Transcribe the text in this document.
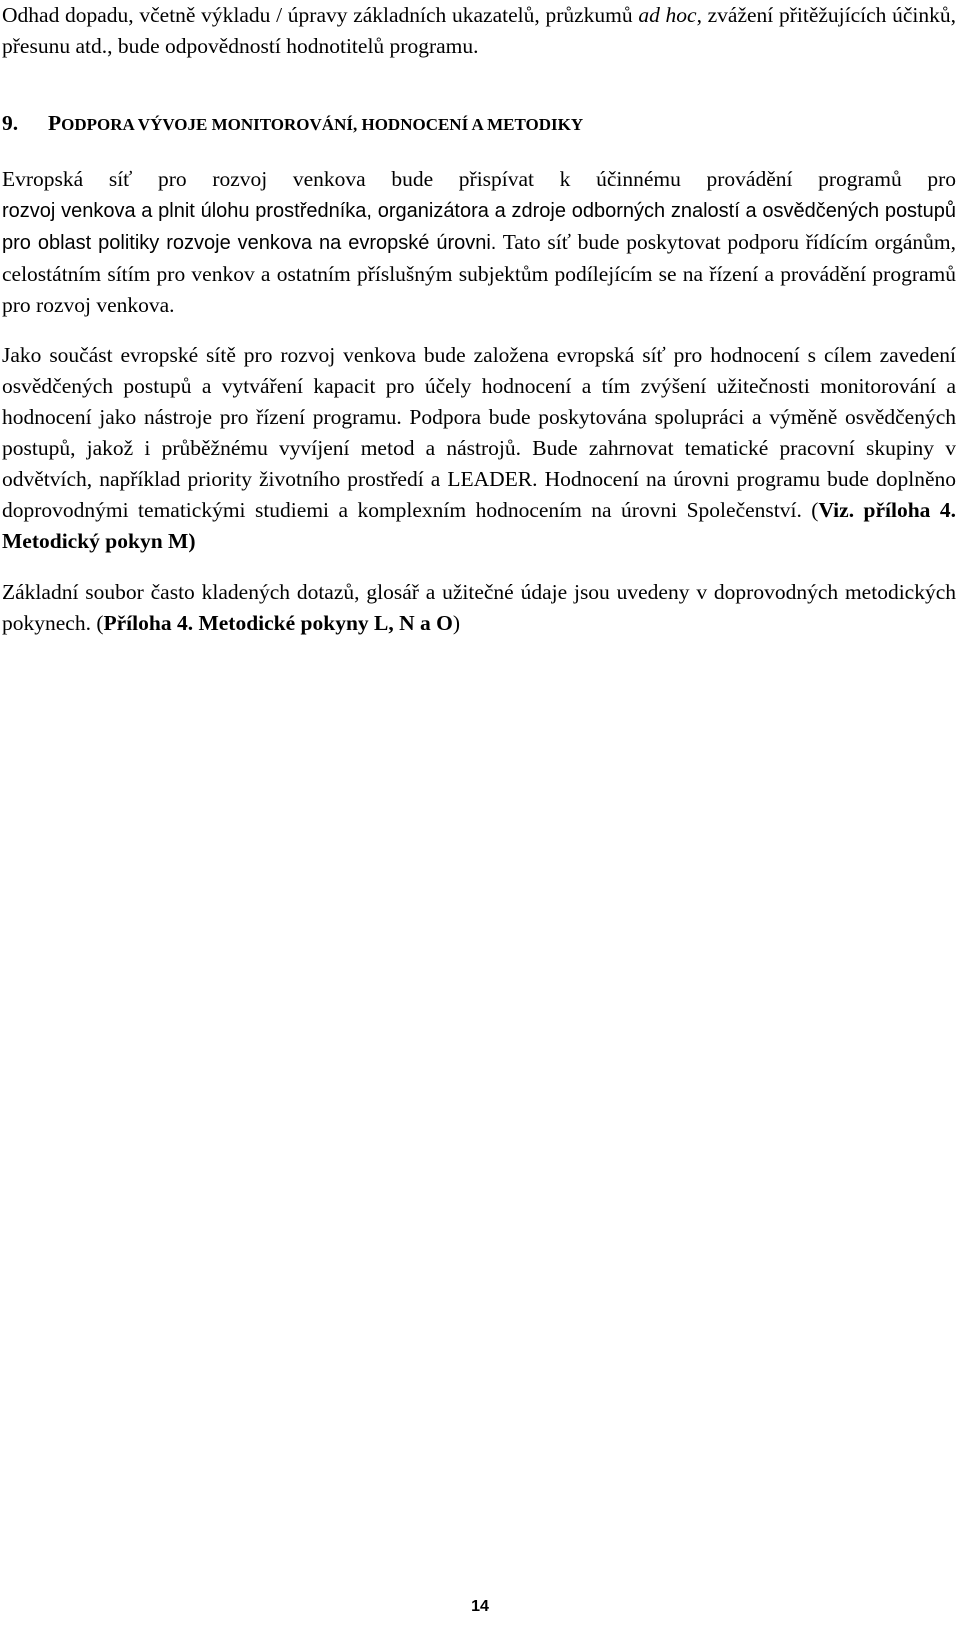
Odhad dopadu, včetně výkladu / úpravy základních ukazatelů, průzkumů ad hoc, zvážení přitěžujících účinků, přesunu atd., bude odpovědností hodnotitelů programu.

9. PODPORA VÝVOJE MONITOROVÁNÍ, HODNOCENÍ A METODIKY

Evropská síť pro rozvoj venkova bude přispívat k účinnému provádění programů pro

rozvoj venkova a plnit úlohu prostředníka, organizátora a zdroje odborných znalostí a osvědčených postupů pro oblast politiky rozvoje venkova na evropské úrovni. Tato síť bude poskytovat podporu řídícím orgánům, celostátním sítím pro venkov a ostatním příslušným subjektům podílejícím se na řízení a provádění programů pro rozvoj venkova.

Jako součást evropské sítě pro rozvoj venkova bude založena evropská síť pro hodnocení s cílem zavedení osvědčených postupů a vytváření kapacit pro účely hodnocení a tím zvýšení užitečnosti monitorování a hodnocení jako nástroje pro řízení programu. Podpora bude poskytována spolupráci a výměně osvědčených postupů, jakož i průběžnému vyvíjení metod a nástrojů. Bude zahrnovat tematické pracovní skupiny v odvětvích, například priority životního prostředí a LEADER. Hodnocení na úrovni programu bude doplněno doprovodnými tematickými studiemi a komplexním hodnocením na úrovni Společenství. (Viz. příloha 4. Metodický pokyn M)

Základní soubor často kladených dotazů, glosář a užitečné údaje jsou uvedeny v doprovodných metodických pokynech. (Příloha 4. Metodické pokyny L, N a O)

14
